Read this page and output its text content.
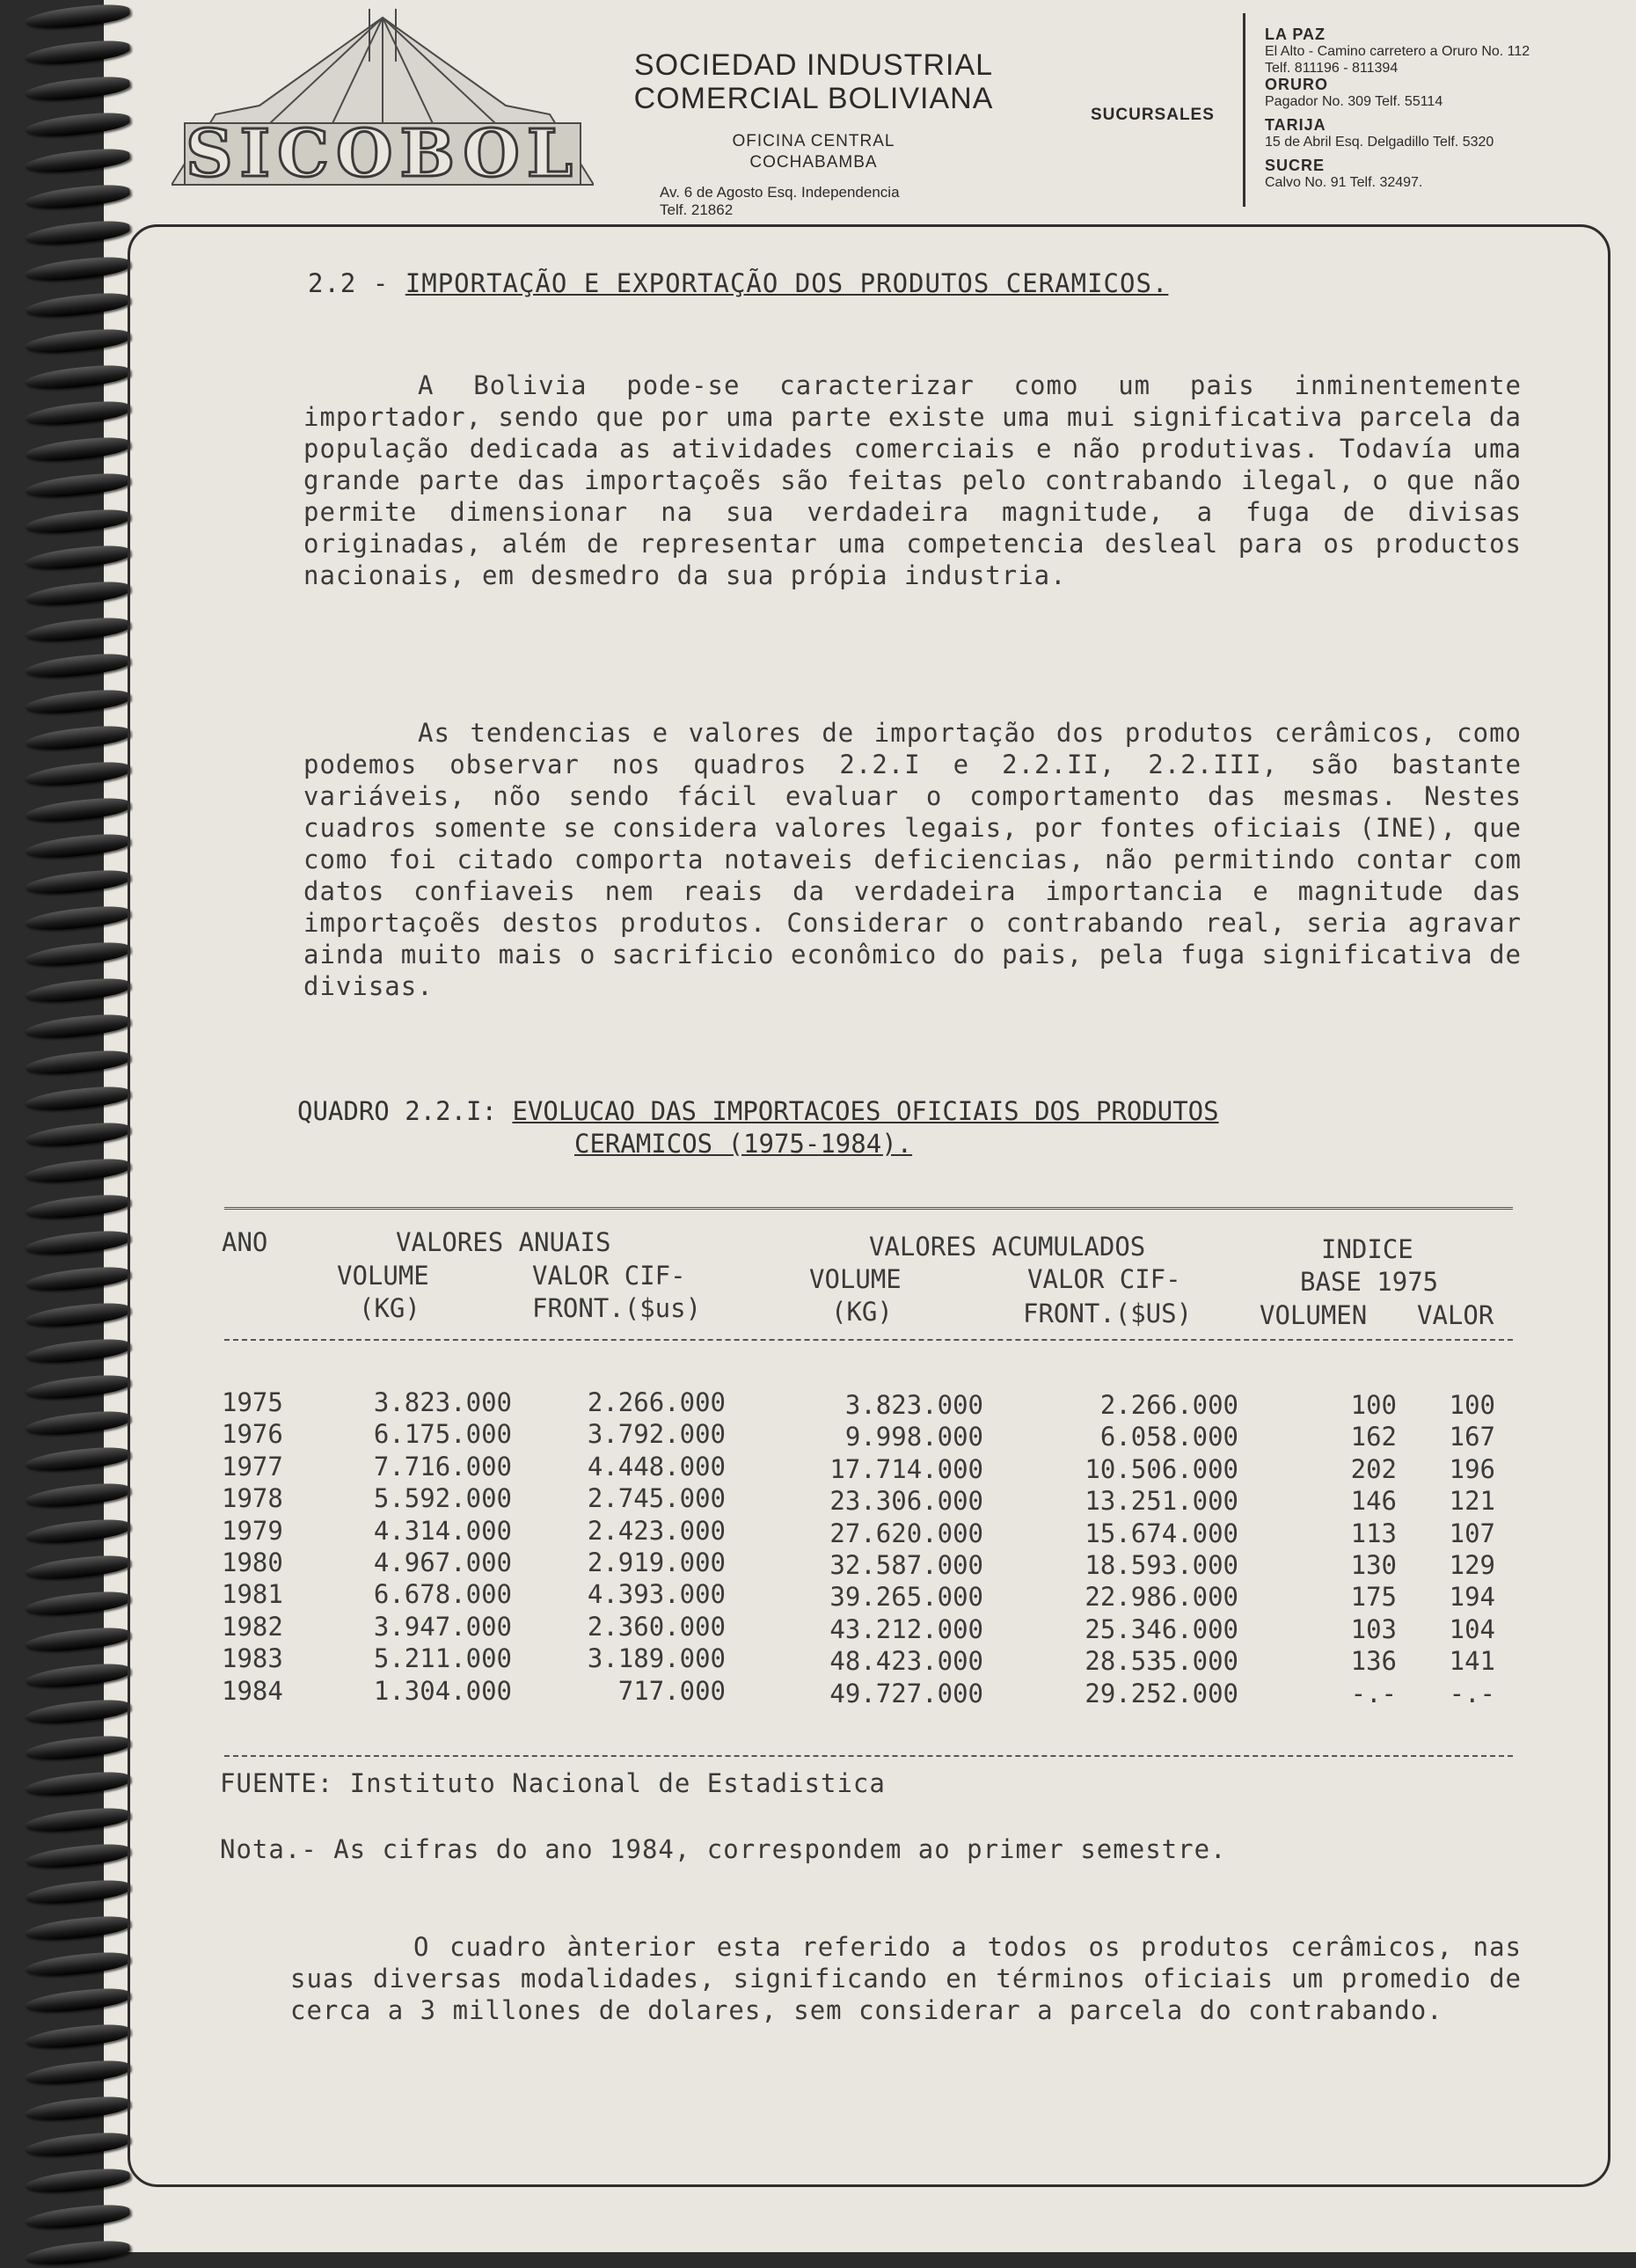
SICOBOL
SOCIEDAD INDUSTRIAL
COMERCIAL BOLIVIANA
OFICINA CENTRAL
COCHABAMBA
Av. 6 de Agosto Esq. Independencia
Telf. 21862
SUCURSALES
LA PAZ
El Alto - Camino carretero a Oruro No. 112
Telf. 811196 - 811394
ORURO
Pagador No. 309 Telf. 55114
TARIJA
15 de Abril Esq. Delgadillo Telf. 5320
SUCRE
Calvo No. 91 Telf. 32497.
2.2 - IMPORTAÇÃO E EXPORTAÇÃO DOS PRODUTOS CERAMICOS.
A Bolivia pode-se caracterizar como um pais inminentemente importador, sendo que por uma parte existe uma mui significativa parcela da população dedicada as atividades comerciais e não produtivas. Todavía uma grande parte das importaçoẽs são feitas pelo contrabando ilegal, o que não permite dimensionar na sua verdadeira magnitude, a fuga de divisas originadas, além de representar uma competencia desleal para os productos nacionais, em desmedro da sua própia industria.
As tendencias e valores de importação dos produtos cerâmicos, como podemos observar nos quadros 2.2.I e 2.2.II, 2.2.III, são bastante variáveis, nõo sendo fácil evaluar o comportamento das mesmas. Nestes cuadros somente se considera valores legais, por fontes oficiais (INE), que como foi citado comporta notaveis deficiencias, não permitindo contar com datos confiaveis nem reais da verdadeira importancia e magnitude das importaçoẽs destos produtos. Considerar o contrabando real, seria agravar ainda muito mais o sacrificio econômico do pais, pela fuga significativa de divisas.
QUADRO 2.2.I: EVOLUCAO DAS IMPORTACOES OFICIAIS DOS PRODUTOS
CERAMICOS (1975-1984).
ANO	VALORES ANUAIS	VALORES ACUMULADOS	INDICE
VOLUME	VALOR CIF-	VOLUME	VALOR CIF-	BASE 1975
(KG)	FRONT.($us)	(KG)	FRONT.($US)	VOLUMEN VALOR
1975	3.823.000	2.266.000	3.823.000	2.266.000	100 100
1976	6.175.000	3.792.000	9.998.000	6.058.000	162 167
1977	7.716.000	4.448.000	17.714.000	10.506.000	202 196
1978	5.592.000	2.745.000	23.306.000	13.251.000	146 121
1979	4.314.000	2.423.000	27.620.000	15.674.000	113 107
1980	4.967.000	2.919.000	32.587.000	18.593.000	130 129
1981	6.678.000	4.393.000	39.265.000	22.986.000	175 194
1982	3.947.000	2.360.000	43.212.000	25.346.000	103 104
1983	5.211.000	3.189.000	48.423.000	28.535.000	136 141
1984	1.304.000	717.000	49.727.000	29.252.000	-.- -.-
FUENTE: Instituto Nacional de Estadistica
Nota.- As cifras do ano 1984, correspondem ao primer semestre.
O cuadro ànterior esta referido a todos os produtos cerâmicos, nas suas diversas modalidades, significando en términos oficiais um promedio de cerca a 3 millones de dolares, sem considerar a parcela do contrabando.
